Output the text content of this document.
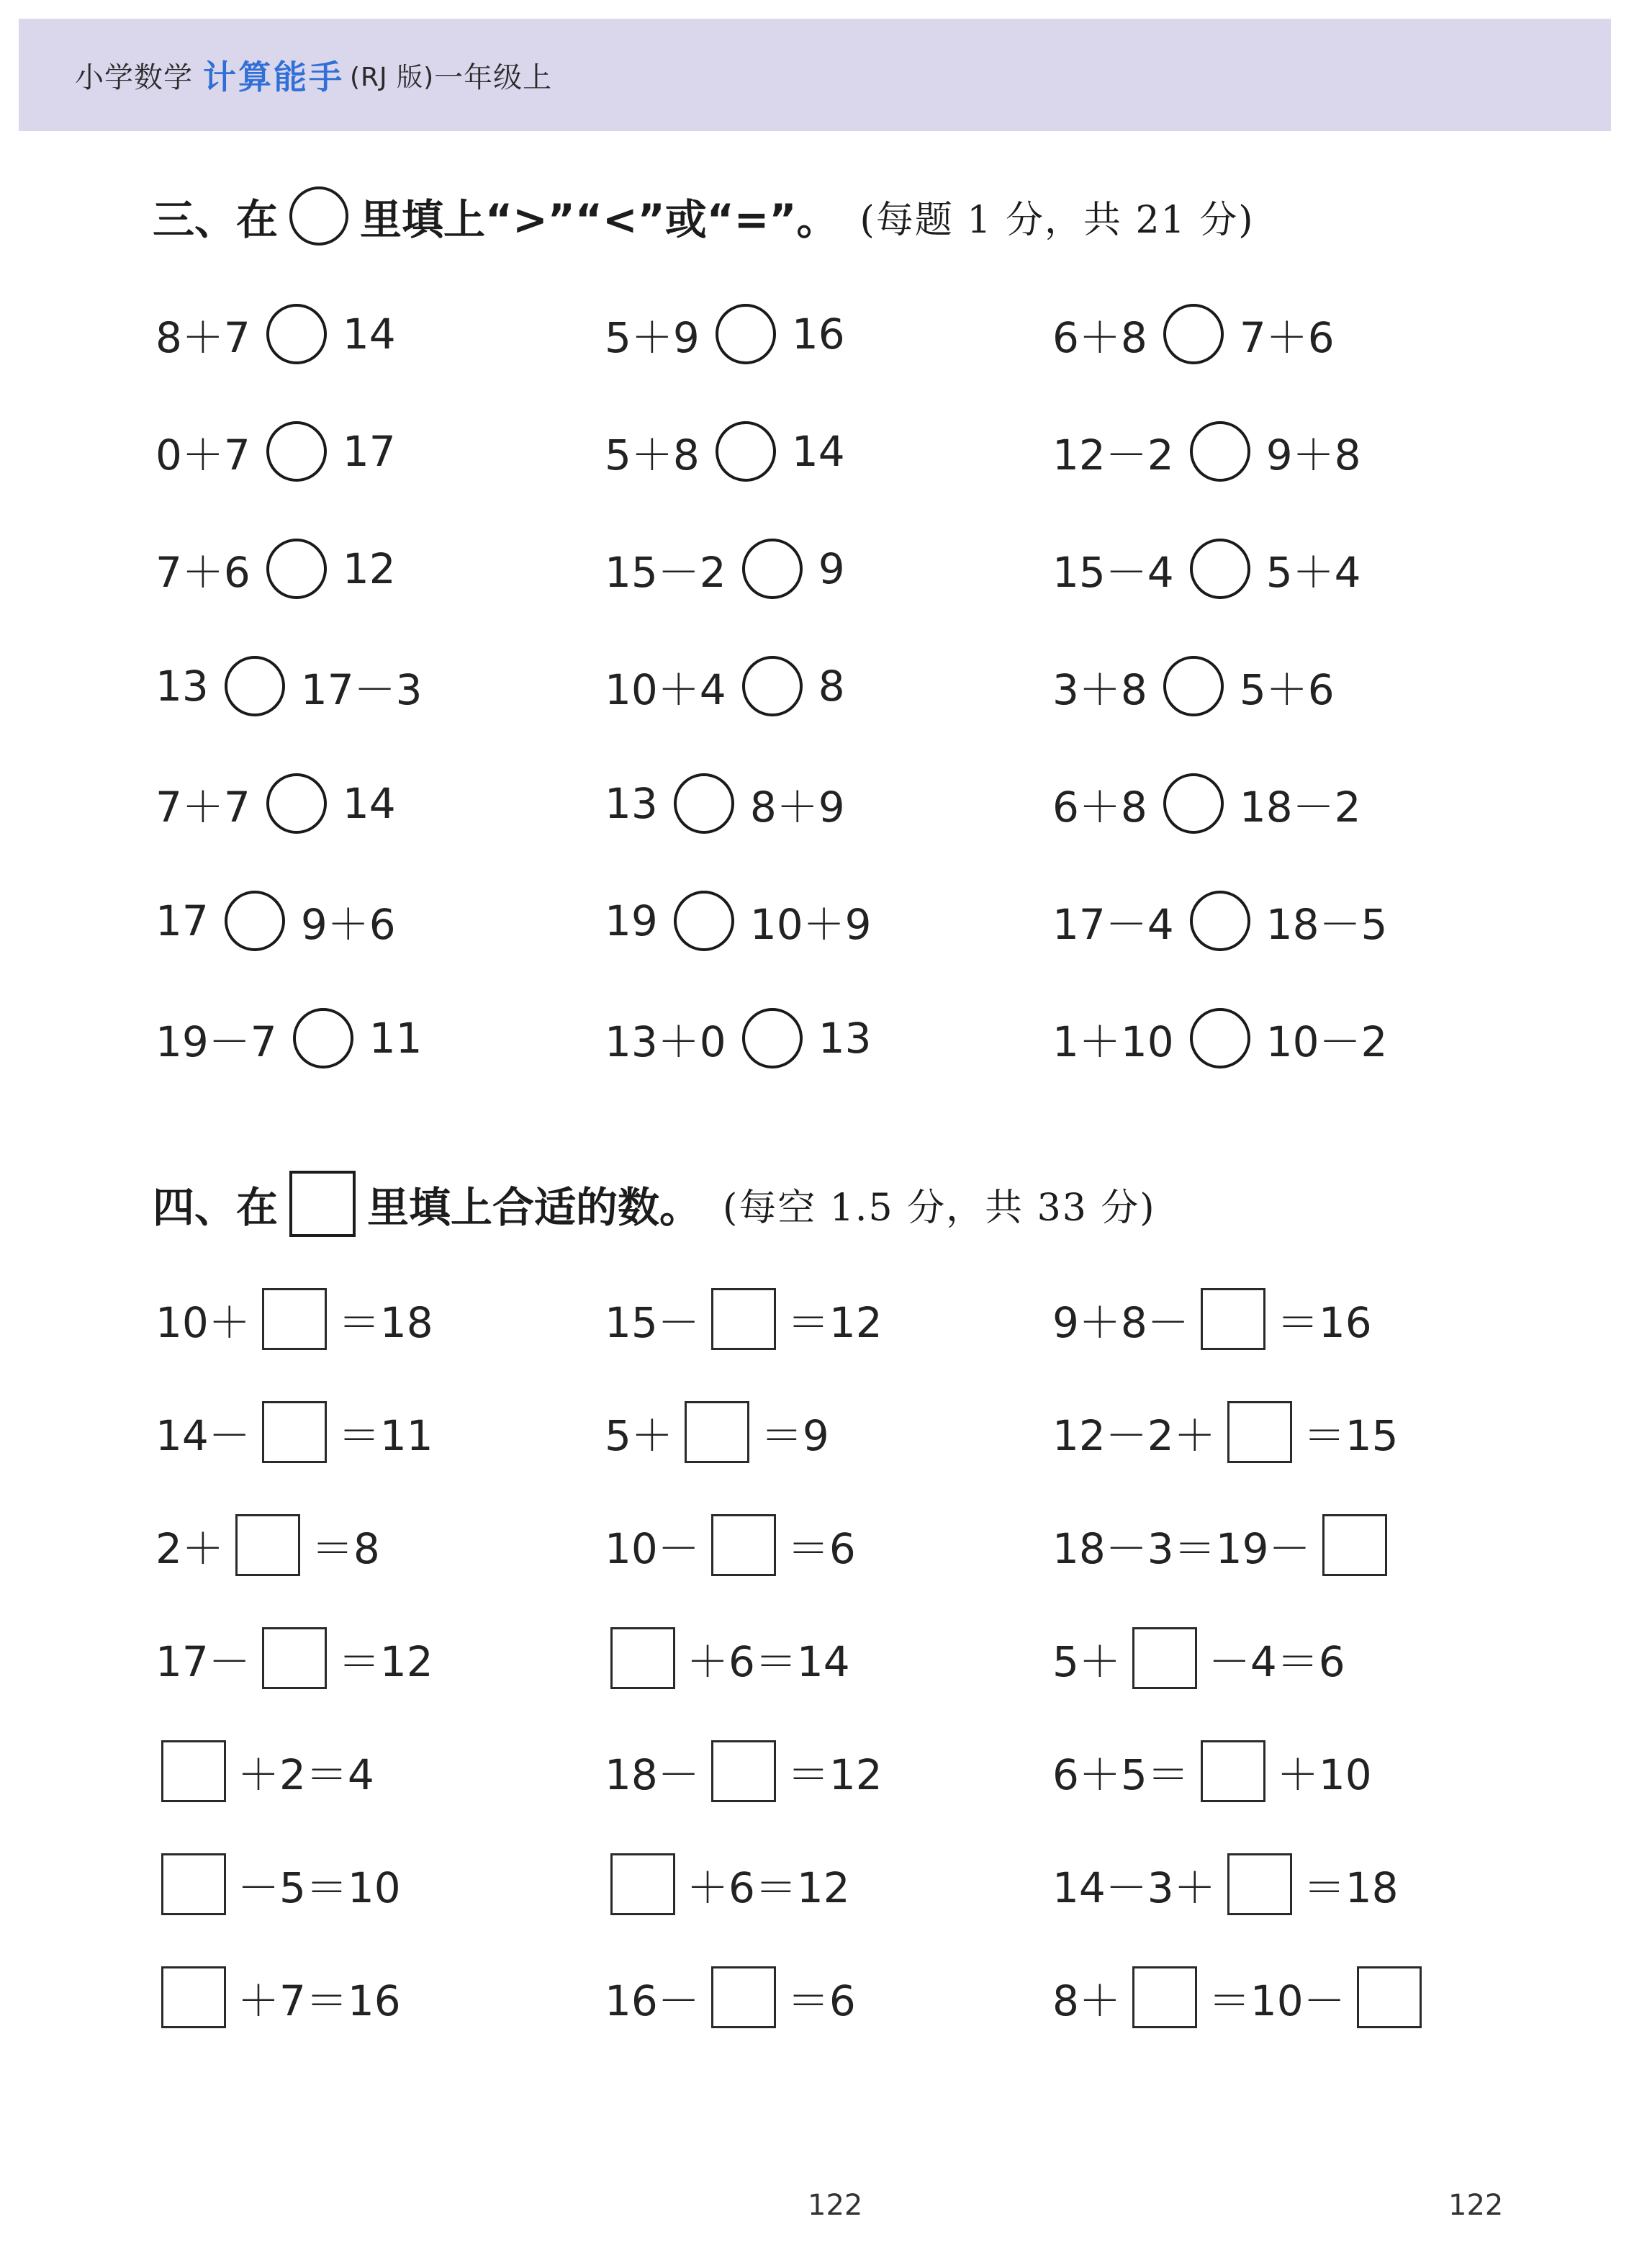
小学数学 计算能手 (RJ 版) 一年级上
三、在 里填上“>”“<”或“=”。 (每题 1 分，共 21 分)
8＋7 14	5＋9 16	6＋8 7＋6
0＋7 17	5＋8 14	12－2 9＋8
7＋6 12	15－2 9	15－4 5＋4
13 17－3	10＋4 8	3＋8 5＋6
7＋7 14	13 8＋9	6＋8 18－2
17 9＋6	19 10＋9	17－4 18－5
19－7 11	13＋0 13	1＋10 10－2
四、在 里填上合适的数。 (每空 1.5 分，共 33 分)
10＋ ＝18	15－ ＝12	9＋8－ ＝16
14－ ＝11	5＋ ＝9	12－2＋ ＝15
2＋ ＝8	10－ ＝6	18－3＝19－
17－ ＝12	＋6＝14	5＋ －4＝6
＋2＝4	18－ ＝12	6＋5＝ ＋10
－5＝10	＋6＝12	14－3＋ ＝18
＋7＝16	16－ ＝6	8＋ ＝10－
122	122
